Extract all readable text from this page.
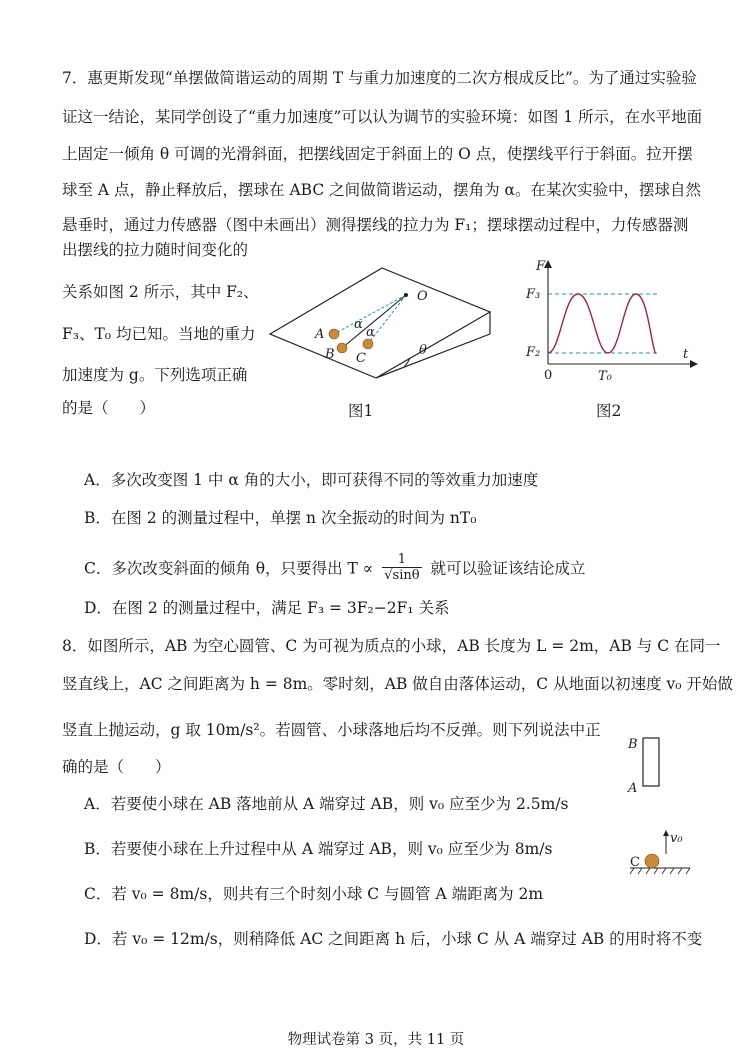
7．惠更斯发现“单摆做简谐运动的周期 T 与重力加速度的二次方根成反比”。为了通过实验验
证这一结论，某同学创设了“重力加速度”可以认为调节的实验环境：如图 1 所示，在水平地面
上固定一倾角 θ 可调的光滑斜面，把摆线固定于斜面上的 O 点，使摆线平行于斜面。拉开摆
球至 A 点，静止释放后，摆球在 ABC 之间做简谐运动，摆角为 α。在某次实验中，摆球自然
悬垂时，通过力传感器（图中未画出）测得摆线的拉力为 F₁；摆球摆动过程中，力传感器测
出摆线的拉力随时间变化的
关系如图 2 所示，其中 F₂、
F₃、T₀ 均已知。当地的重力
加速度为 g。下列选项正确
的是（　　）
O
A
B C
α
α
θ
图1
F
F₃
F₂
0	T₀
t
图2
A．多次改变图 1 中 α 角的大小，即可获得不同的等效重力加速度
B．在图 2 的测量过程中，单摆 n 次全振动的时间为 nT₀
C．多次改变斜面的倾角 θ，只要得出 $T \propto \frac{1}{√\sin\theta}$ 就可以验证该结论成立
D．在图 2 的测量过程中，满足 F₃ = 3F₂−2F₁ 关系
8．如图所示，AB 为空心圆管、C 为可视为质点的小球，AB 长度为 L = 2m，AB 与 C 在同一
竖直线上，AC 之间距离为 h = 8m。零时刻，AB 做自由落体运动，C 从地面以初速度 v₀ 开始做
竖直上抛运动，g 取 10m/s²。若圆管、小球落地后均不反弹。则下列说法中正
确的是（　　）
B
A
C
v₀
A．若要使小球在 AB 落地前从 A 端穿过 AB，则 v₀ 应至少为 2.5m/s
B．若要使小球在上升过程中从 A 端穿过 AB，则 v₀ 应至少为 8m/s
C．若 v₀ = 8m/s，则共有三个时刻小球 C 与圆管 A 端距离为 2m
D．若 v₀ = 12m/s，则稍降低 AC 之间距离 h 后，小球 C 从 A 端穿过 AB 的用时将不变
物理试卷第 3 页，共 11 页
